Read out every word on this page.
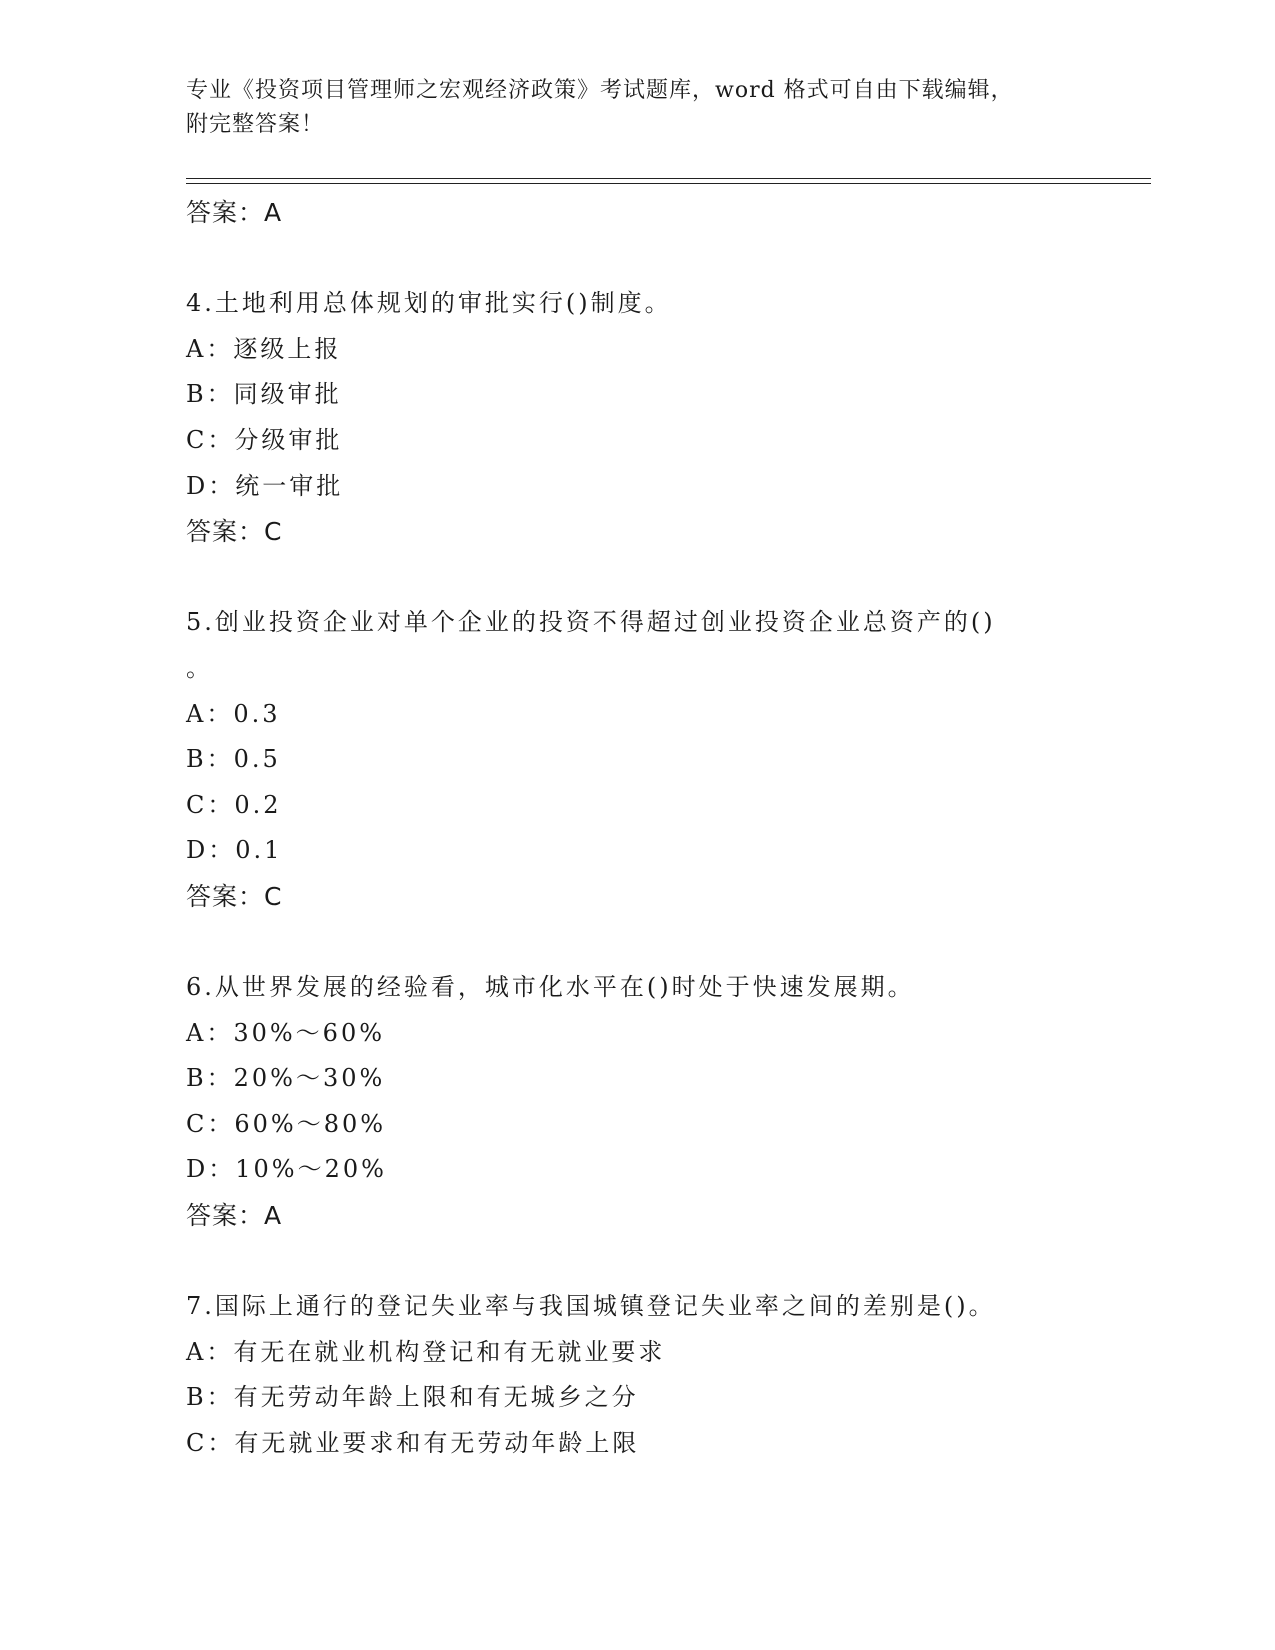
专业《投资项目管理师之宏观经济政策》考试题库，word 格式可自由下载编辑，
附完整答案！
答案：A
4.土地利用总体规划的审批实行()制度。
A：逐级上报
B：同级审批
C：分级审批
D：统一审批
答案：C
5.创业投资企业对单个企业的投资不得超过创业投资企业总资产的()
。
A：0.3
B：0.5
C：0.2
D：0.1
答案：C
6.从世界发展的经验看，城市化水平在()时处于快速发展期。
A：30%～60%
B：20%～30%
C：60%～80%
D：10%～20%
答案：A
7.国际上通行的登记失业率与我国城镇登记失业率之间的差别是()。
A：有无在就业机构登记和有无就业要求
B：有无劳动年龄上限和有无城乡之分
C：有无就业要求和有无劳动年龄上限
